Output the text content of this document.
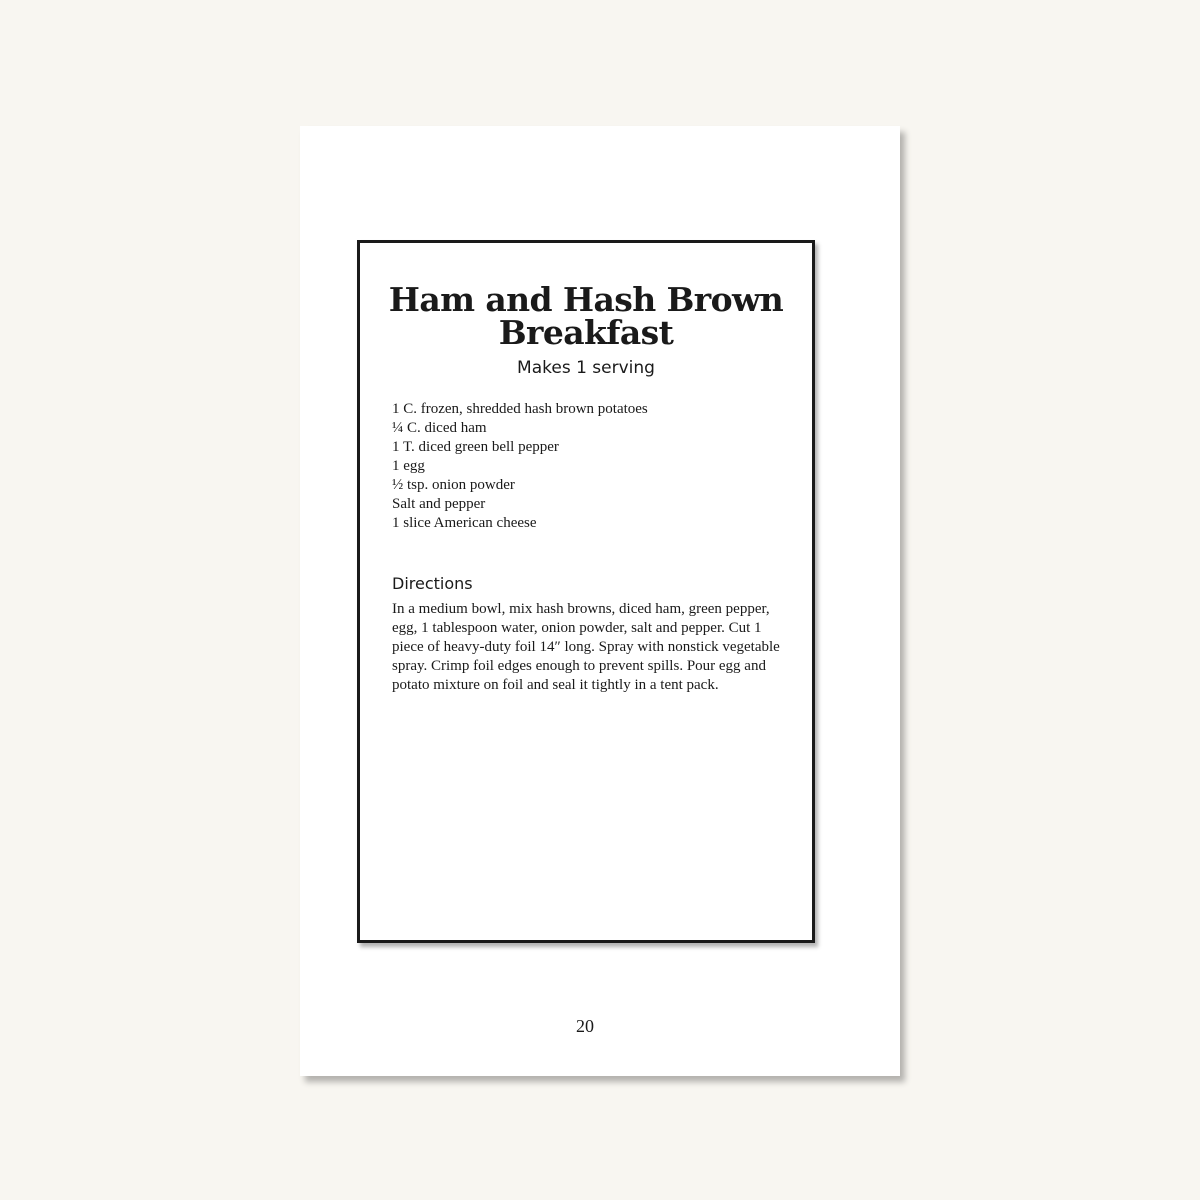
Ham and Hash Brown
Breakfast
Makes 1 serving
1 C. frozen, shredded hash brown potatoes
¼ C. diced ham
1 T. diced green bell pepper
1 egg
½ tsp. onion powder
Salt and pepper
1 slice American cheese
Directions

In a medium bowl, mix hash browns, diced ham, green pepper, egg, 1 tablespoon water, onion powder, salt and pepper. Cut 1 piece of heavy-duty foil 14″ long. Spray with nonstick vegetable spray. Crimp foil edges enough to prevent spills. Pour egg and potato mixture on foil and seal it tightly in a tent pack.

20
